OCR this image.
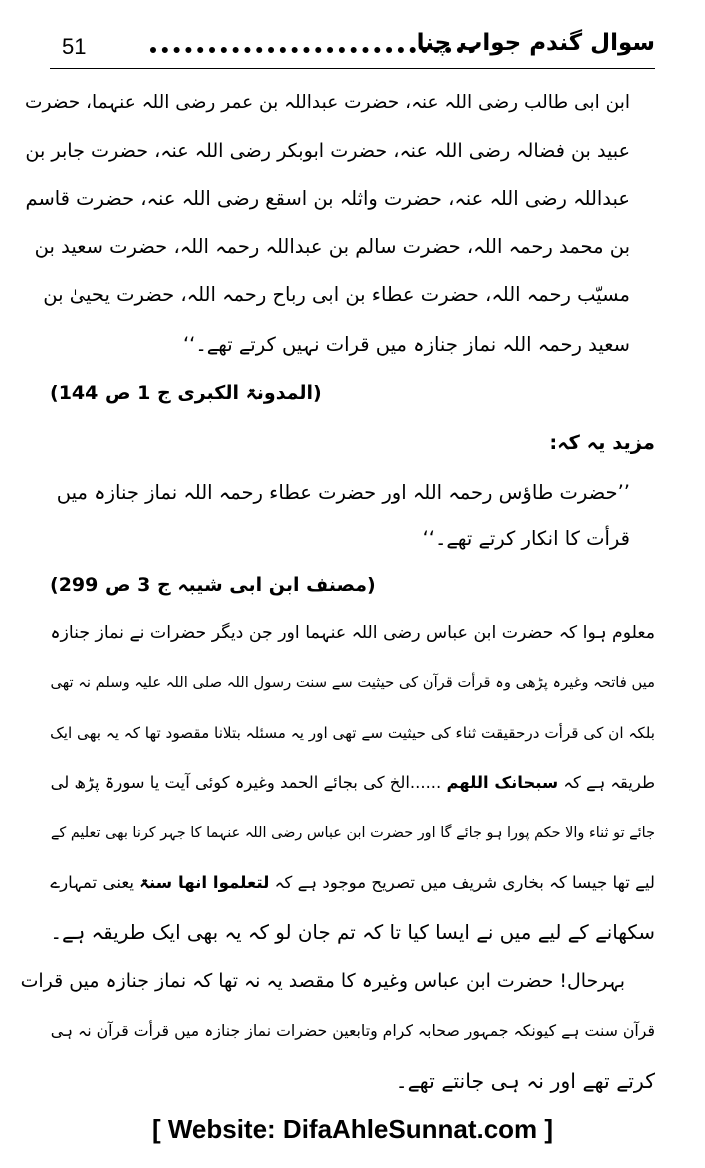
51	سوال گندم جواب چنا
ابن ابی طالب رضی اللہ عنہ، حضرت عبداللہ بن عمر رضی اللہ عنہما، حضرت
عبید بن فضالہ رضی اللہ عنہ، حضرت ابوبکر رضی اللہ عنہ، حضرت جابر بن
عبداللہ رضی اللہ عنہ، حضرت واثلہ بن اسقع رضی اللہ عنہ، حضرت قاسم
بن محمد رحمہ اللہ، حضرت سالم بن عبداللہ رحمہ اللہ، حضرت سعید بن
مسیّب رحمہ اللہ، حضرت عطاء بن ابی رباح رحمہ اللہ، حضرت یحییٰ بن
سعید رحمہ اللہ نماز جنازہ میں قرات نہیں کرتے تھے۔‘‘
(المدونۃ الکبری ج 1 ص 144)
مزید یہ کہ:
’’حضرت طاؤس رحمہ اللہ اور حضرت عطاء رحمہ اللہ نماز جنازہ میں
قرأت کا انکار کرتے تھے۔‘‘
(مصنف ابن ابی شیبہ ج 3 ص 299)
معلوم ہوا کہ حضرت ابن عباس رضی اللہ عنہما اور جن دیگر حضرات نے نماز جنازہ
میں فاتحہ وغیرہ پڑھی وہ قرأت قرآن کی حیثیت سے سنت رسول اللہ صلی اللہ علیہ وسلم نہ تھی
بلکہ ان کی قرأت درحقیقت ثناء کی حیثیت سے تھی اور یہ مسئلہ بتلانا مقصود تھا کہ یہ بھی ایک
طریقہ ہے کہ سبحانک اللھم ......الخ کی بجائے الحمد وغیرہ کوئی آیت یا سورۃ پڑھ لی
جائے تو ثناء والا حکم پورا ہو جائے گا اور حضرت ابن عباس رضی اللہ عنہما کا جہر کرنا بھی تعلیم کے
لیے تھا جیسا کہ بخاری شریف میں تصریح موجود ہے کہ لتعلموا انھا سنۃ یعنی تمہارے
سکھانے کے لیے میں نے ایسا کیا تا کہ تم جان لو کہ یہ بھی ایک طریقہ ہے۔
بہرحال! حضرت ابن عباس وغیرہ کا مقصد یہ نہ تھا کہ نماز جنازہ میں قرات
قرآن سنت ہے کیونکہ جمہور صحابہ کرام وتابعین حضرات نماز جنازہ میں قرأت قرآن نہ ہی
کرتے تھے اور نہ ہی جانتے تھے۔
[ Website: DifaAhleSunnat.com ]
